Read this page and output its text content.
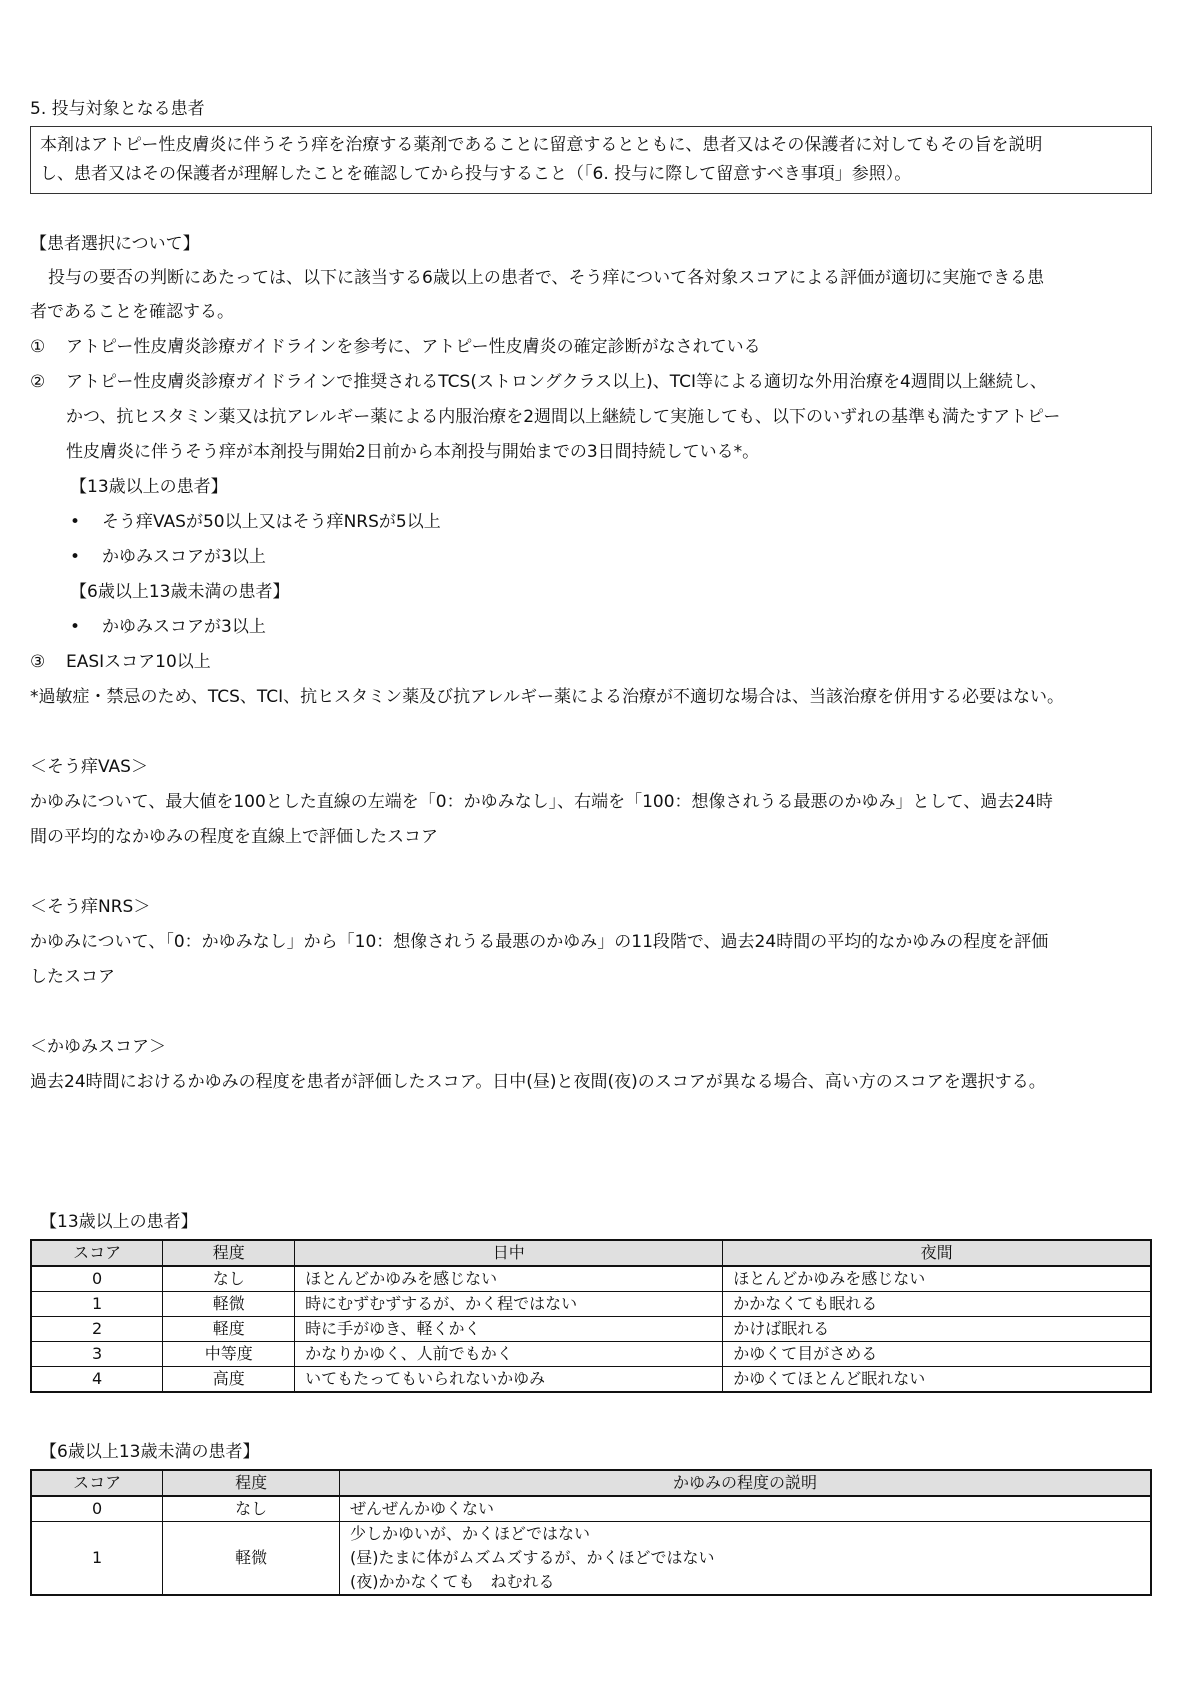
5. 投与対象となる患者
本剤はアトピー性皮膚炎に伴うそう痒を治療する薬剤であることに留意するとともに、患者又はその保護者に対してもその旨を説明
し、患者又はその保護者が理解したことを確認してから投与すること（「6. 投与に際して留意すべき事項」参照）。
【患者選択について】
投与の要否の判断にあたっては、以下に該当する6歳以上の患者で、そう痒について各対象スコアによる評価が適切に実施できる患
者であることを確認する。
① アトピー性皮膚炎診療ガイドラインを参考に、アトピー性皮膚炎の確定診断がなされている
② アトピー性皮膚炎診療ガイドラインで推奨されるTCS(ストロングクラス以上)、TCI等による適切な外用治療を4週間以上継続し、
かつ、抗ヒスタミン薬又は抗アレルギー薬による内服治療を2週間以上継続して実施しても、以下のいずれの基準も満たすアトピー
性皮膚炎に伴うそう痒が本剤投与開始2日前から本剤投与開始までの3日間持続している*。
【13歳以上の患者】
• そう痒VASが50以上又はそう痒NRSが5以上
• かゆみスコアが3以上
【6歳以上13歳未満の患者】
• かゆみスコアが3以上
③ EASIスコア10以上
*過敏症・禁忌のため、TCS、TCI、抗ヒスタミン薬及び抗アレルギー薬による治療が不適切な場合は、当該治療を併用する必要はない。
＜そう痒VAS＞
かゆみについて、最大値を100とした直線の左端を「0：かゆみなし」、右端を「100：想像されうる最悪のかゆみ」として、過去24時
間の平均的なかゆみの程度を直線上で評価したスコア
＜そう痒NRS＞
かゆみについて、「0：かゆみなし」から「10：想像されうる最悪のかゆみ」の11段階で、過去24時間の平均的なかゆみの程度を評価
したスコア
＜かゆみスコア＞
過去24時間におけるかゆみの程度を患者が評価したスコア。日中(昼)と夜間(夜)のスコアが異なる場合、高い方のスコアを選択する。
【13歳以上の患者】
スコア	程度	日中	夜間
0	なし	ほとんどかゆみを感じない	ほとんどかゆみを感じない
1	軽微	時にむずむずするが、かく程ではない	かかなくても眠れる
2	軽度	時に手がゆき、軽くかく	かけば眠れる
3	中等度	かなりかゆく、人前でもかく	かゆくて目がさめる
4	高度	いてもたってもいられないかゆみ	かゆくてほとんど眠れない
【6歳以上13歳未満の患者】
スコア	程度	かゆみの程度の説明
0	なし	ぜんぜんかゆくない
1	軽微	少しかゆいが、かくほどではない
(昼)たまに体がムズムズするが、かくほどではない
(夜)かかなくても　ねむれる
